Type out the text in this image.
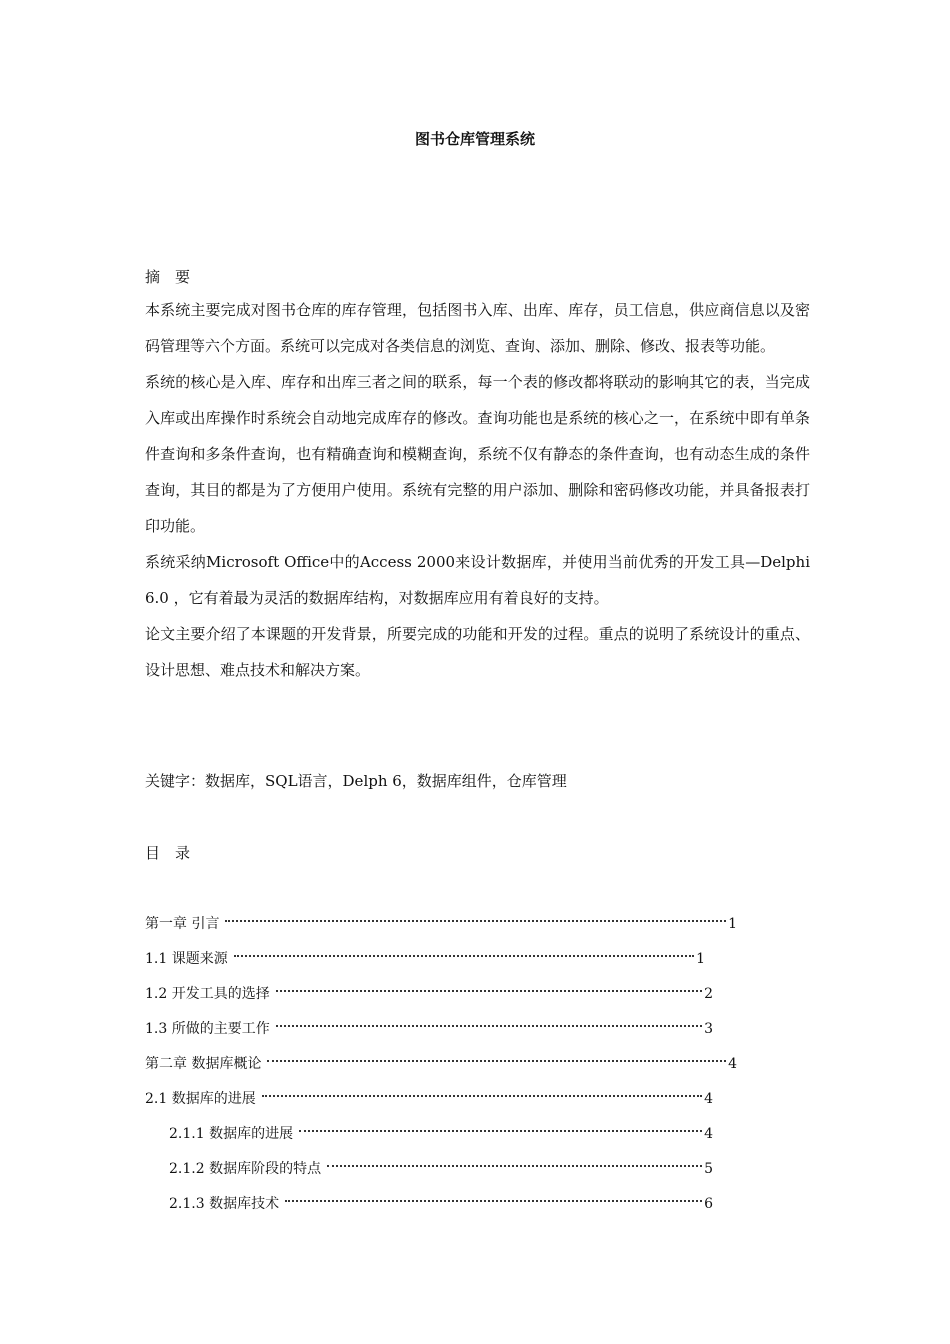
图书仓库管理系统
摘　要

本系统主要完成对图书仓库的库存管理，包括图书入库、出库、库存，员工信息，供应商信息以及密码管理等六个方面。系统可以完成对各类信息的浏览、查询、添加、删除、修改、报表等功能。

系统的核心是入库、库存和出库三者之间的联系，每一个表的修改都将联动的影响其它的表，当完成入库或出库操作时系统会自动地完成库存的修改。查询功能也是系统的核心之一，在系统中即有单条件查询和多条件查询，也有精确查询和模糊查询，系统不仅有静态的条件查询，也有动态生成的条件查询，其目的都是为了方便用户使用。系统有完整的用户添加、删除和密码修改功能，并具备报表打印功能。

系统采纳Microsoft Office中的Access 2000来设计数据库，并使用当前优秀的开发工具—Delphi 6.0 ，它有着最为灵活的数据库结构，对数据库应用有着良好的支持。

论文主要介绍了本课题的开发背景，所要完成的功能和开发的过程。重点的说明了系统设计的重点、设计思想、难点技术和解决方案。

关键字：数据库，SQL语言，Delph 6，数据库组件，仓库管理
目　录
第一章 引言	1
1.1 课题来源	1
1.2 开发工具的选择	2
1.3 所做的主要工作	3
第二章 数据库概论	4
2.1 数据库的进展	4
2.1.1 数据库的进展	4
2.1.2 数据库阶段的特点	5
2.1.3 数据库技术	6
